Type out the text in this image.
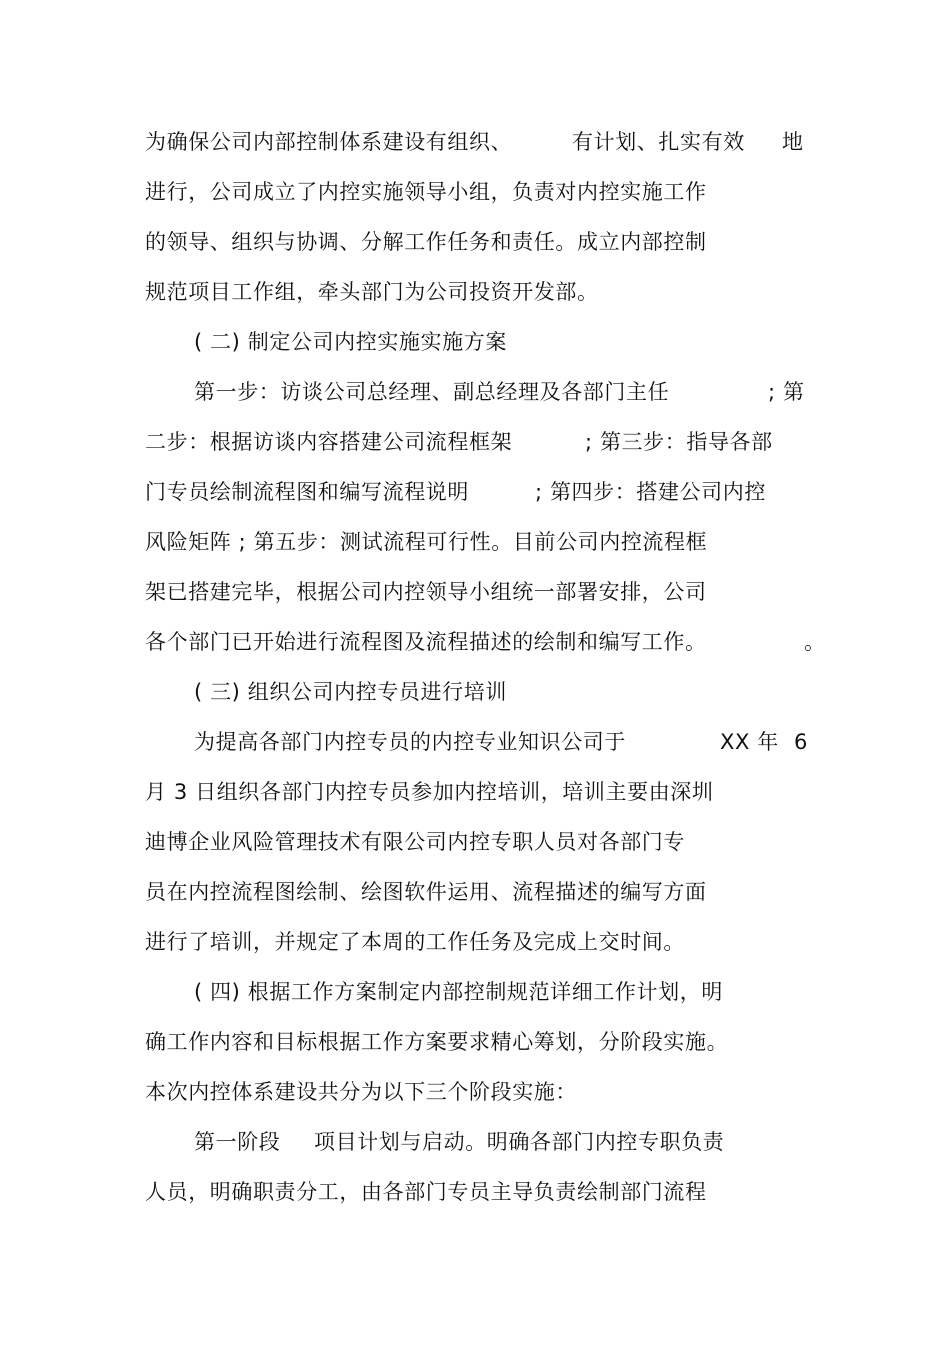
为确保公司内部控制体系建设有组织、	有计划、扎实有效 地
进行，公司成立了内控实施领导小组，负责对内控实施工作
的领导、组织与协调、分解工作任务和责任。成立内部控制
规范项目工作组，牵头部门为公司投资开发部。
( 二) 制定公司内控实施实施方案
第一步：访谈公司总经理、副总经理及各部门主任	; 第
二步：根据访谈内容搭建公司流程框架	; 第三步：指导各部
门专员绘制流程图和编写流程说明	; 第四步：搭建公司内控
风险矩阵 ; 第五步：测试流程可行性。目前公司内控流程框
架已搭建完毕，根据公司内控领导小组统一部署安排，公司
各个部门已开始进行流程图及流程描述的绘制和编写工作。	。
( 三) 组织公司内控专员进行培训
为提高各部门内控专员的内控专业知识公司于	XX 年 6
月 3 日组织各部门内控专员参加内控培训，培训主要由深圳
迪博企业风险管理技术有限公司内控专职人员对各部门专
员在内控流程图绘制、绘图软件运用、流程描述的编写方面
进行了培训，并规定了本周的工作任务及完成上交时间。
( 四) 根据工作方案制定内部控制规范详细工作计划，明
确工作内容和目标根据工作方案要求精心筹划，分阶段实施。
本次内控体系建设共分为以下三个阶段实施：
第一阶段 项目计划与启动。明确各部门内控专职负责
人员，明确职责分工，由各部门专员主导负责绘制部门流程
